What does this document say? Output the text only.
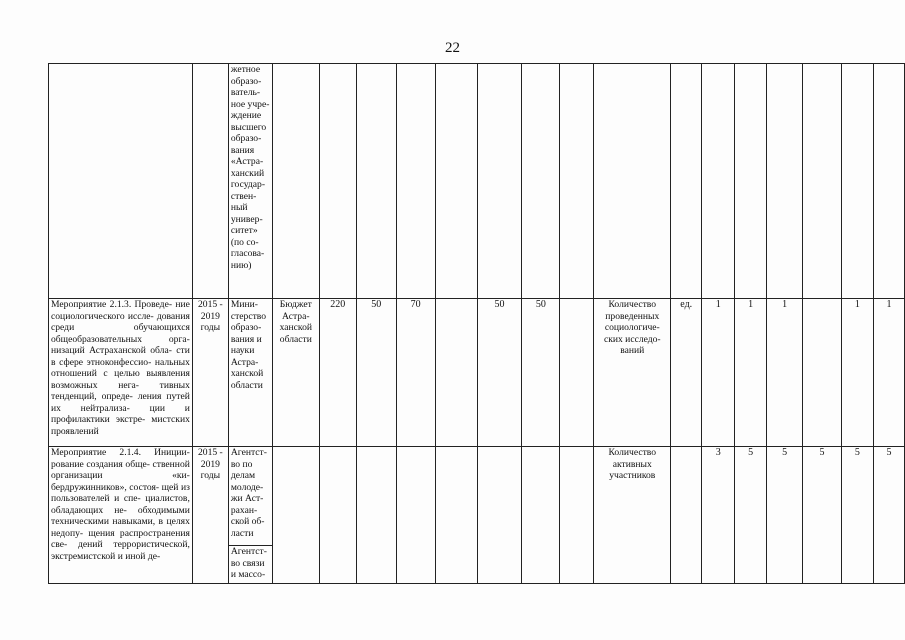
22
		жетное образо- ватель- ное учре- ждение высшего образо- вания «Астра- ханский государ- ствен- ный универ- ситет» (по со- гласова- нию)																
Мероприятие 2.1.3. Проведе- ние социологического иссле- дования среди обучающихся общеобразовательных орга- низаций Астраханской обла- сти в сфере этноконфессио- нальных отношений с целью выявления возможных нега- тивных тенденций, опреде- ления путей их нейтрализа- ции и профилактики экстре- мистских проявлений	2015 - 2019 годы	Мини- стерство образо- вания и науки Астра- ханской области	Бюджет Астра- ханской области	220	50	70		50	50		Количество проведенных социологиче- ских исследо- ваний	ед.	1	1	1		1	1
Мероприятие 2.1.4. Иниции- рование создания обще- ственной организации «ки- бердружинников», состоя- щей из пользователей и спе- циалистов, обладающих не- обходимыми техническими навыками, в целях недопу- щения распространения све- дений террористической, экстремистской и иной де-	2015 - 2019 годы	Агентст- во по делам молоде- жи Аст- рахан- ской об- ласти									Количество активных участников		3	5	5	5	5	5
		Агентст- во связи и массо-																
